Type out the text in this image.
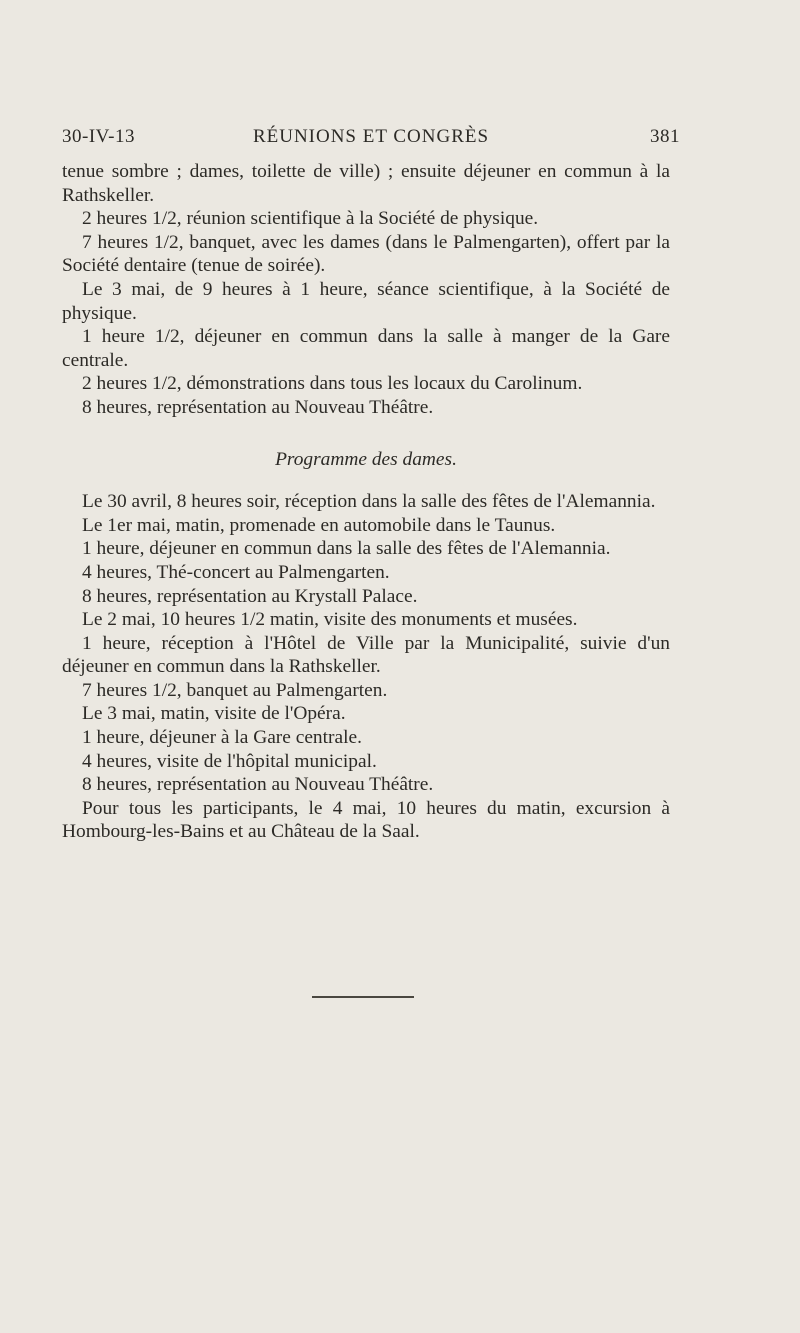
30-IV-13	RÉUNIONS ET CONGRÈS	381

tenue sombre ; dames, toilette de ville) ; ensuite déjeuner en commun à la Rathskeller.

2 heures 1/2, réunion scientifique à la Société de physique.

7 heures 1/2, banquet, avec les dames (dans le Palmengarten), offert par la Société dentaire (tenue de soirée).

Le 3 mai, de 9 heures à 1 heure, séance scientifique, à la Société de physique.

1 heure 1/2, déjeuner en commun dans la salle à manger de la Gare centrale.

2 heures 1/2, démonstrations dans tous les locaux du Carolinum.

8 heures, représentation au Nouveau Théâtre.

Programme des dames.

Le 30 avril, 8 heures soir, réception dans la salle des fêtes de l'Alemannia.

Le 1er mai, matin, promenade en automobile dans le Taunus.

1 heure, déjeuner en commun dans la salle des fêtes de l'Alemannia.

4 heures, Thé-concert au Palmengarten.

8 heures, représentation au Krystall Palace.

Le 2 mai, 10 heures 1/2 matin, visite des monuments et musées.

1 heure, réception à l'Hôtel de Ville par la Municipalité, suivie d'un déjeuner en commun dans la Rathskeller.

7 heures 1/2, banquet au Palmengarten.

Le 3 mai, matin, visite de l'Opéra.

1 heure, déjeuner à la Gare centrale.

4 heures, visite de l'hôpital municipal.

8 heures, représentation au Nouveau Théâtre.

Pour tous les participants, le 4 mai, 10 heures du matin, excursion à Hombourg-les-Bains et au Château de la Saal.
